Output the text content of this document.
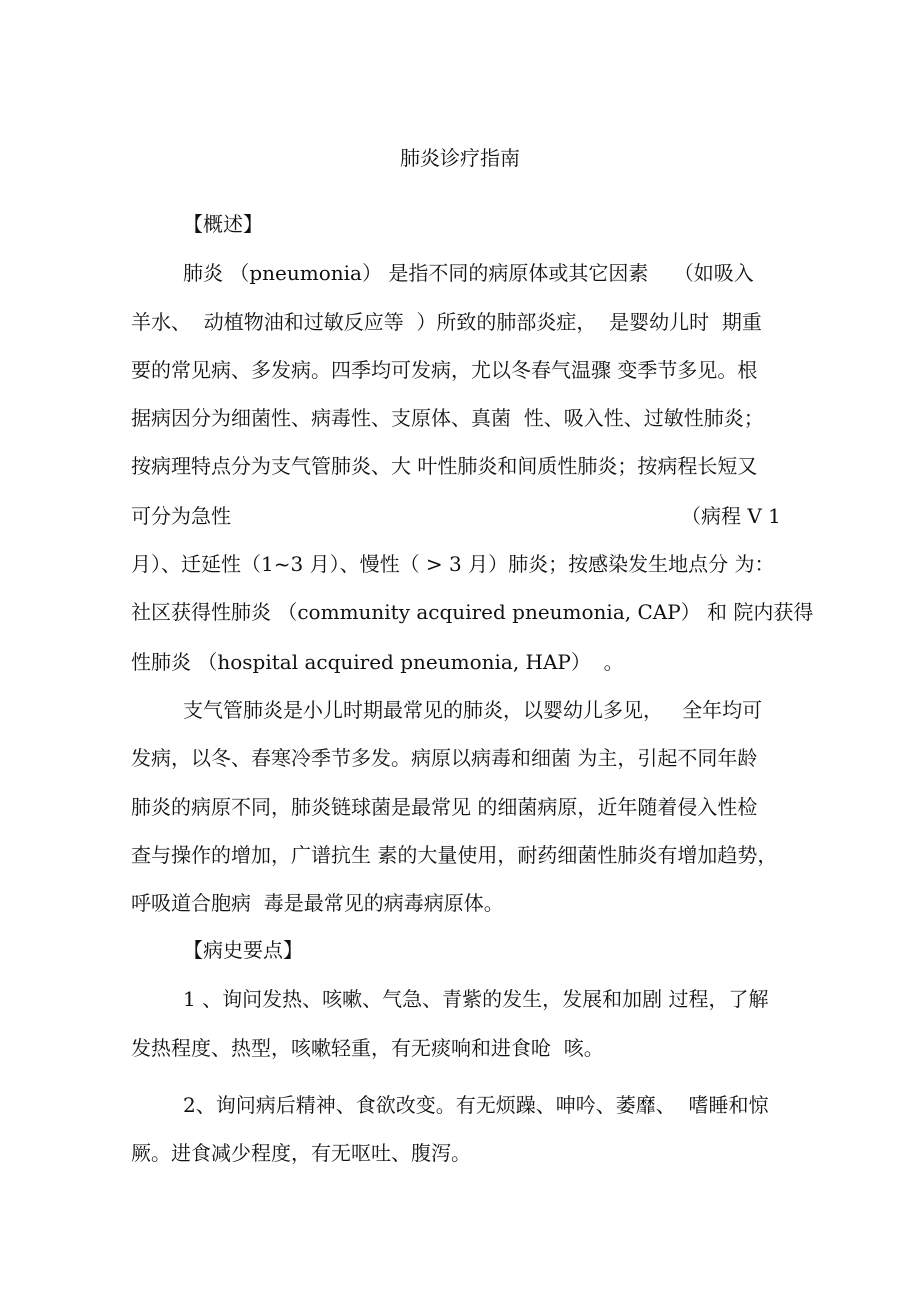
肺炎诊疗指南

【概述】

肺炎 （pneumonia） 是指不同的病原体或其它因素    （如吸入

羊水、  动植物油和过敏反应等  ）所致的肺部炎症，  是婴幼儿时  期重

要的常见病、多发病。四季均可发病，尤以冬春气温骤 变季节多见。根

据病因分为细菌性、病毒性、支原体、真菌  性、吸入性、过敏性肺炎；

按病理特点分为支气管肺炎、大 叶性肺炎和间质性肺炎；按病程长短又

可分为急性	（病程 V 1

月）、迁延性（1~3 月）、慢性（ > 3 月）肺炎；按感染发生地点分 为：

社区获得性肺炎 （community acquired pneumonia, CAP） 和 院内获得

性肺炎 （hospital acquired pneumonia, HAP）  。

支气管肺炎是小儿时期最常见的肺炎，以婴幼儿多见，   全年均可

发病，以冬、春寒冷季节多发。病原以病毒和细菌 为主，引起不同年龄

肺炎的病原不同，肺炎链球菌是最常见 的细菌病原，近年随着侵入性检

查与操作的增加，广谱抗生 素的大量使用，耐药细菌性肺炎有增加趋势，

呼吸道合胞病  毒是最常见的病毒病原体。

【病史要点】

1 、询问发热、咳嗽、气急、青紫的发生，发展和加剧 过程，了解

发热程度、热型，咳嗽轻重，有无痰响和进食呛  咳。

2、询问病后精神、食欲改变。有无烦躁、呻吟、萎靡、  嗜睡和惊

厥。进食减少程度，有无呕吐、腹泻。
